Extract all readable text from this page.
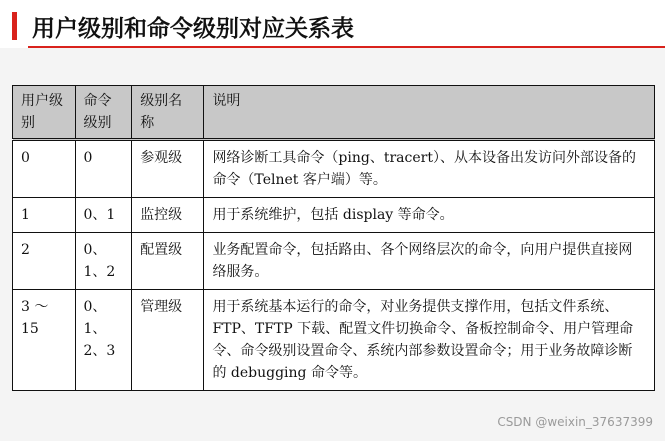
用户级别和命令级别对应关系表
用户级别	命令级别	级别名称	说明
0	0	参观级	网络诊断工具命令（ping、tracert）、从本设备出发访问外部设备的命令（Telnet 客户端）等。
1	0、1	监控级	用于系统维护，包括 display 等命令。
2	0、1、2	配置级	业务配置命令，包括路由、各个网络层次的命令，向用户提供直接网络服务。
3 ～ 15	0、1、2、3	管理级	用于系统基本运行的命令，对业务提供支撑作用，包括文件系统、FTP、TFTP 下载、配置文件切换命令、备板控制命令、用户管理命令、命令级别设置命令、系统内部参数设置命令；用于业务故障诊断的 debugging 命令等。
CSDN @weixin_37637399
